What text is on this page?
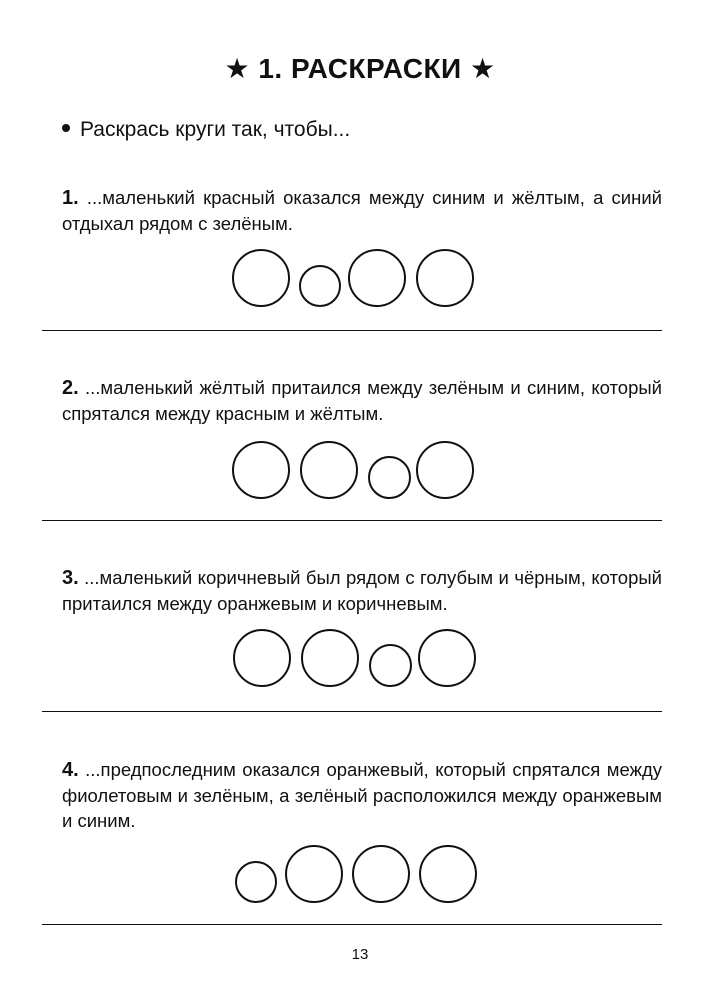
★ 1. РАСКРАСКИ ★
Раскрась круги так, чтобы...
1. ...маленький красный оказался между синим и жёлтым, а синий отдыхал рядом с зелёным.
2. ...маленький жёлтый притаился между зелёным и синим, который спрятался между красным и жёлтым.
3. ...маленький коричневый был рядом с голубым и чёрным, который притаился между оранжевым и коричневым.
4. ...предпоследним оказался оранжевый, который спрятался между фиолетовым и зелёным, а зелёный расположился между оранжевым и синим.
13
